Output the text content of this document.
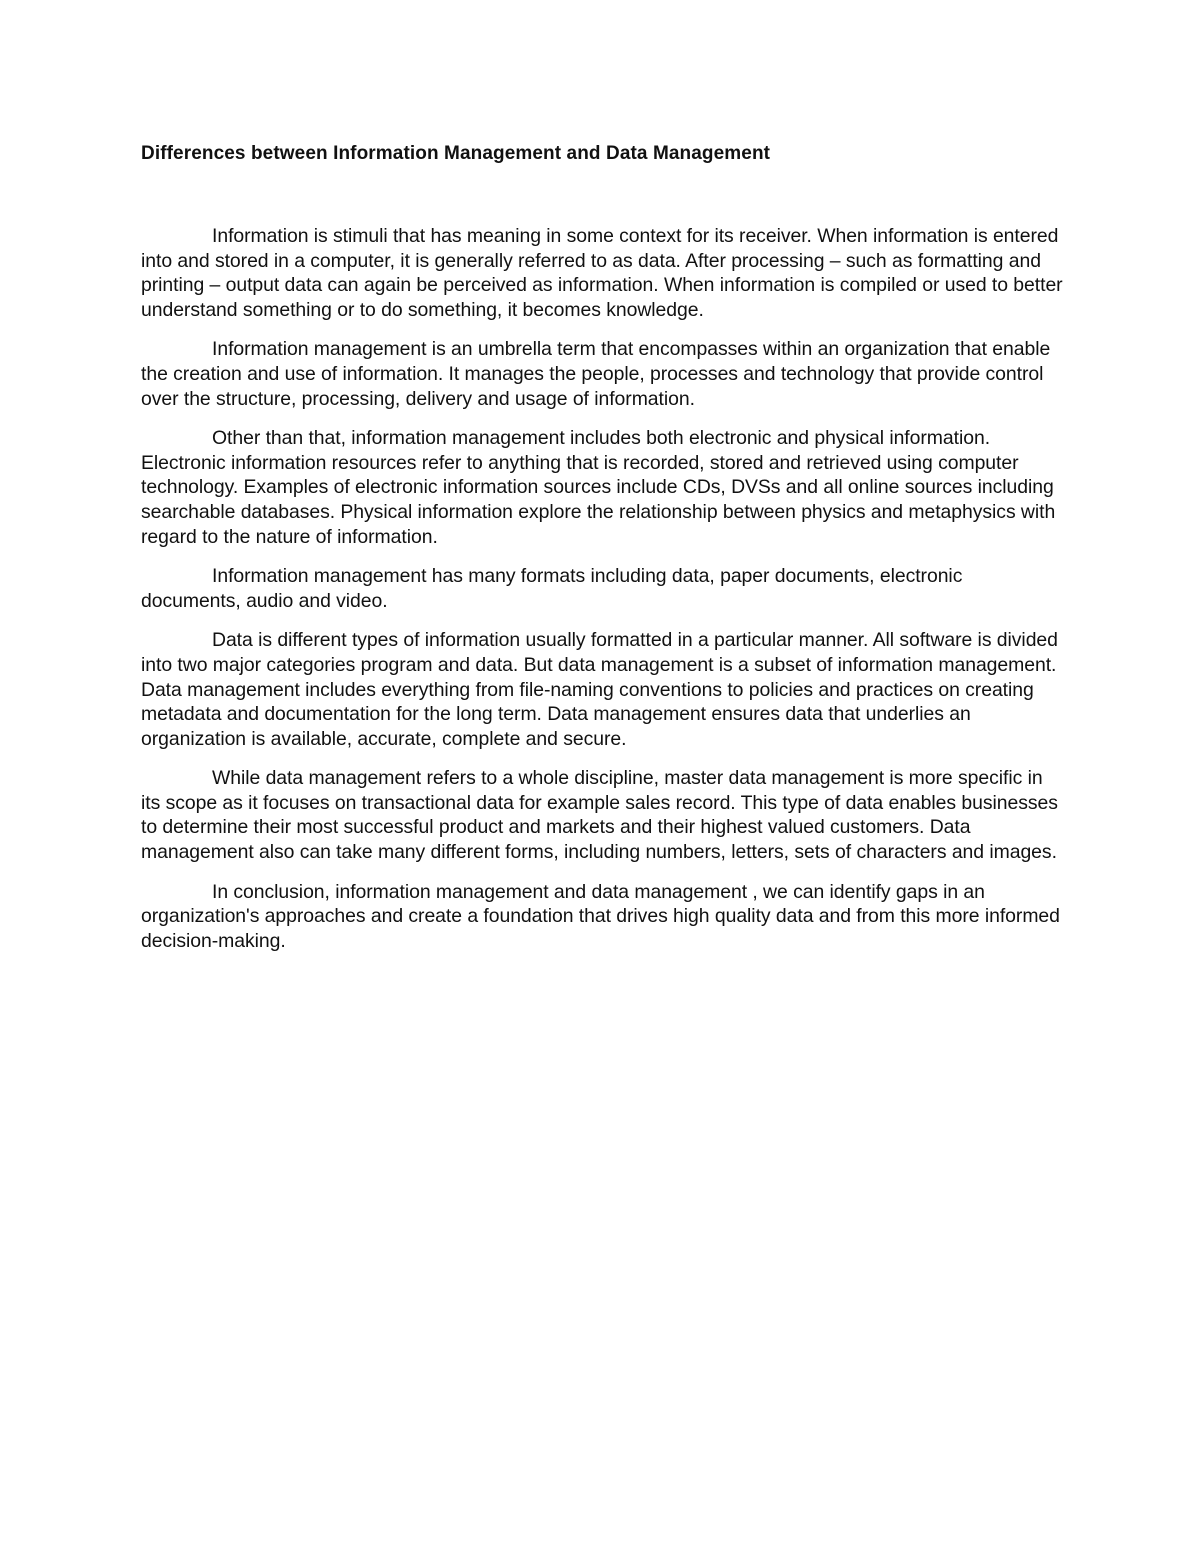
Differences between Information Management and Data Management

Information is stimuli that has meaning in some context for its receiver. When information is entered into and stored in a computer, it is generally referred to as data. After processing – such as formatting and printing – output data can again be perceived as information. When information is compiled or used to better understand something or to do something, it becomes knowledge.

Information management is an umbrella term that encompasses within an organization that enable the creation and use of information. It manages the people, processes and technology that provide control over the structure, processing, delivery and usage of information.

Other than that, information management includes both electronic and physical information. Electronic information resources refer to anything that is recorded, stored and retrieved using computer technology. Examples of electronic information sources include CDs, DVSs and all online sources including searchable databases. Physical information explore the relationship between physics and metaphysics with regard to the nature of information.

Information management has many formats including data, paper documents, electronic documents, audio and video.

Data is different types of information usually formatted in a particular manner. All software is divided into two major categories program and data. But data management is a subset of information management. Data management includes everything from file-naming conventions to policies and practices on creating metadata and documentation for the long term. Data management ensures data that underlies an organization is available, accurate, complete and secure.

While data management refers to a whole discipline, master data management is more specific in its scope as it focuses on transactional data for example sales record. This type of data enables businesses to determine their most successful product and markets and their highest valued customers. Data management also can take many different forms, including numbers, letters, sets of characters and images.

In conclusion, information management and data management , we can identify gaps in an organization's approaches and create a foundation that drives high quality data and from this more informed decision-making.
